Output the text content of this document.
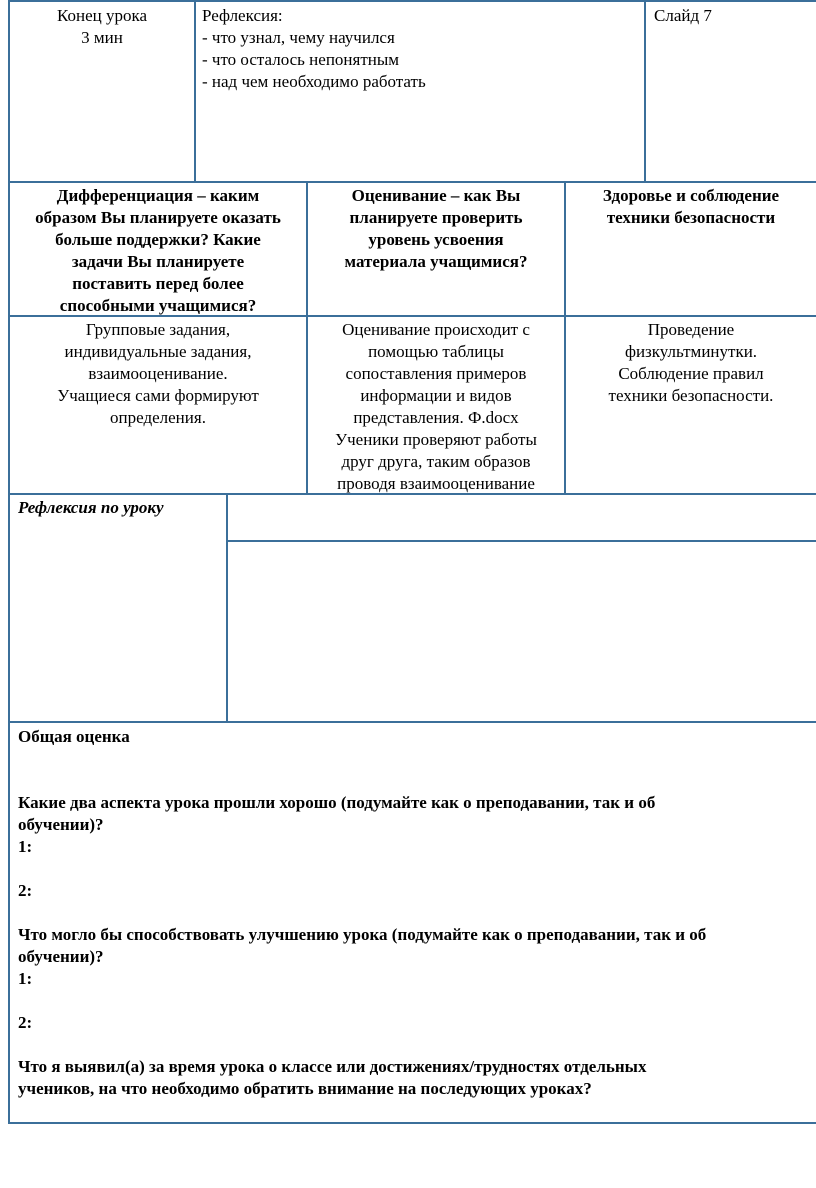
Конец урока
3 мин
Рефлексия:
- что узнал, чему научился
- что осталось непонятным
- над чем необходимо работать
Слайд 7
Дифференциация – каким
образом Вы планируете оказать
больше поддержки? Какие
задачи Вы планируете
поставить перед более
способными учащимися?
Оценивание – как Вы
планируете проверить
уровень усвоения
материала учащимися?
Здоровье и соблюдение
техники безопасности
Групповые задания,
индивидуальные задания,
взаимооценивание.
Учащиеся сами формируют
определения.
Оценивание происходит с
помощью таблицы
сопоставления примеров
информации и видов
представления. Ф.docx
Ученики проверяют работы
друг друга, таким образов
проводя взаимооценивание
Проведение
физкультминутки.
Соблюдение правил
техники безопасности.
Рефлексия по уроку
Общая оценка
Какие два аспекта урока прошли хорошо (подумайте как о преподавании, так и об
обучении)?
1:
2:
Что могло бы способствовать улучшению урока (подумайте как о преподавании, так и об
обучении)?
1:
2:
Что я выявил(а) за время урока о классе или достижениях/трудностях отдельных
учеников, на что необходимо обратить внимание на последующих уроках?
